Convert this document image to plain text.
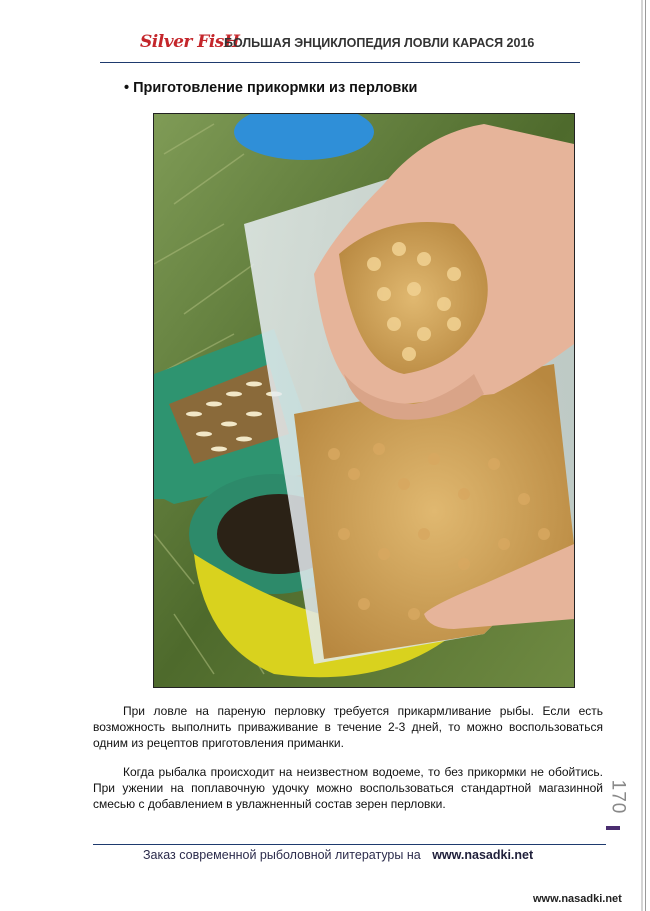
Silver FisH
БОЛЬШАЯ ЭНЦИКЛОПЕДИЯ ЛОВЛИ КАРАСЯ 2016
• Приготовление прикормки из перловки

При ловле на пареную перловку требуется прикармливание рыбы. Если есть возможность выполнить приваживание в течение 2-3 дней, то можно воспользоваться одним из рецептов приготовления приманки.

Когда рыбалка происходит на неизвестном водоеме, то без прикормки не обойтись. При ужении на поплавочную удочку можно воспользоваться стандартной магазинной смесью с добавлением в увлажненный состав зерен перловки.	170
Заказ современной рыболовной литературы на www.nasadki.net
www.nasadki.net
